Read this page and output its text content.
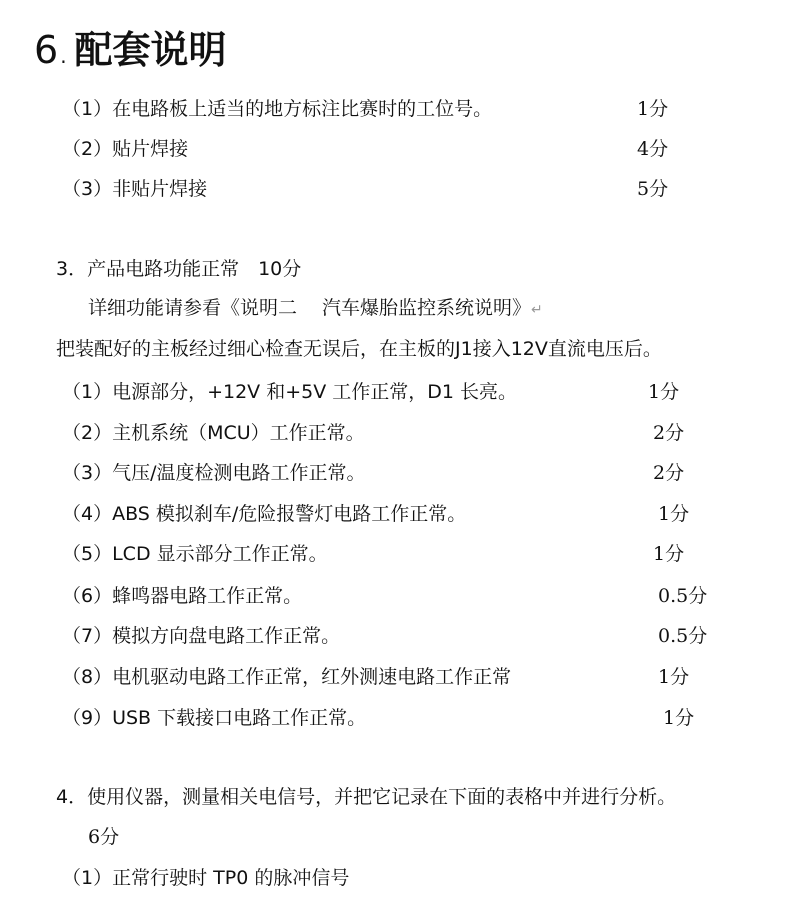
6 . 配套说明
（1）在电路板上适当的地方标注比赛时的工位号。	1分
（2）贴片焊接	4分
（3）非贴片焊接	5分
3．产品电路功能正常　10分
详细功能请参看《说明二　 汽车爆胎监控系统说明》↵
把装配好的主板经过细心检查无误后，在主板的J1接入12V直流电压后。
（1）电源部分，+12V 和+5V 工作正常，D1 长亮。	1分
（2）主机系统（MCU）工作正常。	2分
（3）气压/温度检测电路工作正常。	2分
（4）ABS 模拟刹车/危险报警灯电路工作正常。	1分
（5）LCD 显示部分工作正常。	1分
（6）蜂鸣器电路工作正常。	0.5分
（7）模拟方向盘电路工作正常。	0.5分
（8）电机驱动电路工作正常，红外测速电路工作正常	1分
（9）USB 下载接口电路工作正常。	1分
4．使用仪器，测量相关电信号，并把它记录在下面的表格中并进行分析。
6分
（1）正常行驶时 TP0 的脉冲信号
